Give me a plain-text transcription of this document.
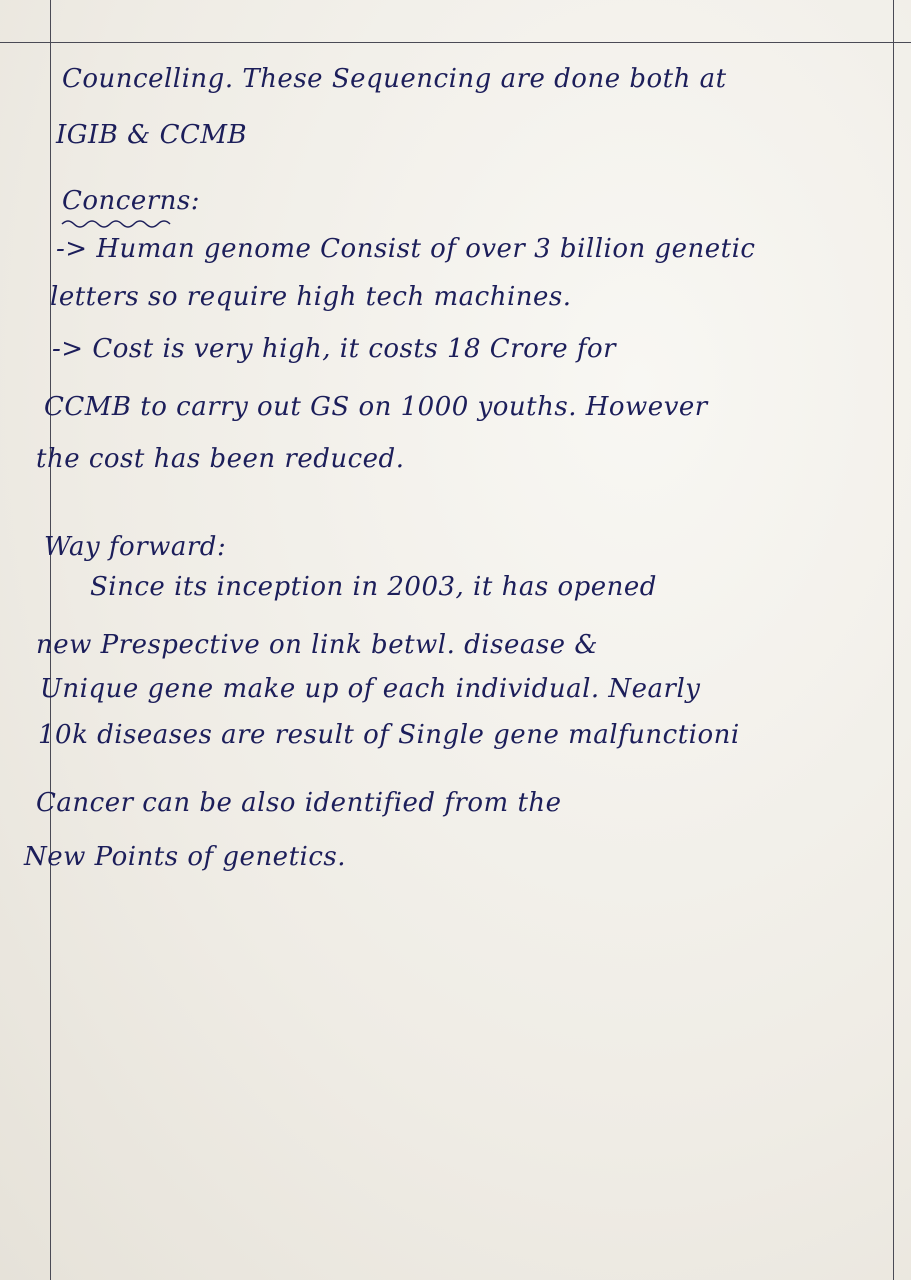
Councelling. These Sequencing are done both at
IGIB & CCMB
Concerns:
-> Human genome Consist of over 3 billion genetic
letters so require high tech machines.
-> Cost is very high, it costs 18 Crore for
CCMB to carry out GS on 1000 youths. However
the cost has been reduced.
Way forward:
Since its inception in 2003, it has opened
new Prespective on link betwl. disease &
Unique gene make up of each individual. Nearly
10k diseases are result of Single gene malfunctioni
Cancer can be also identified from the
New Points of genetics.
